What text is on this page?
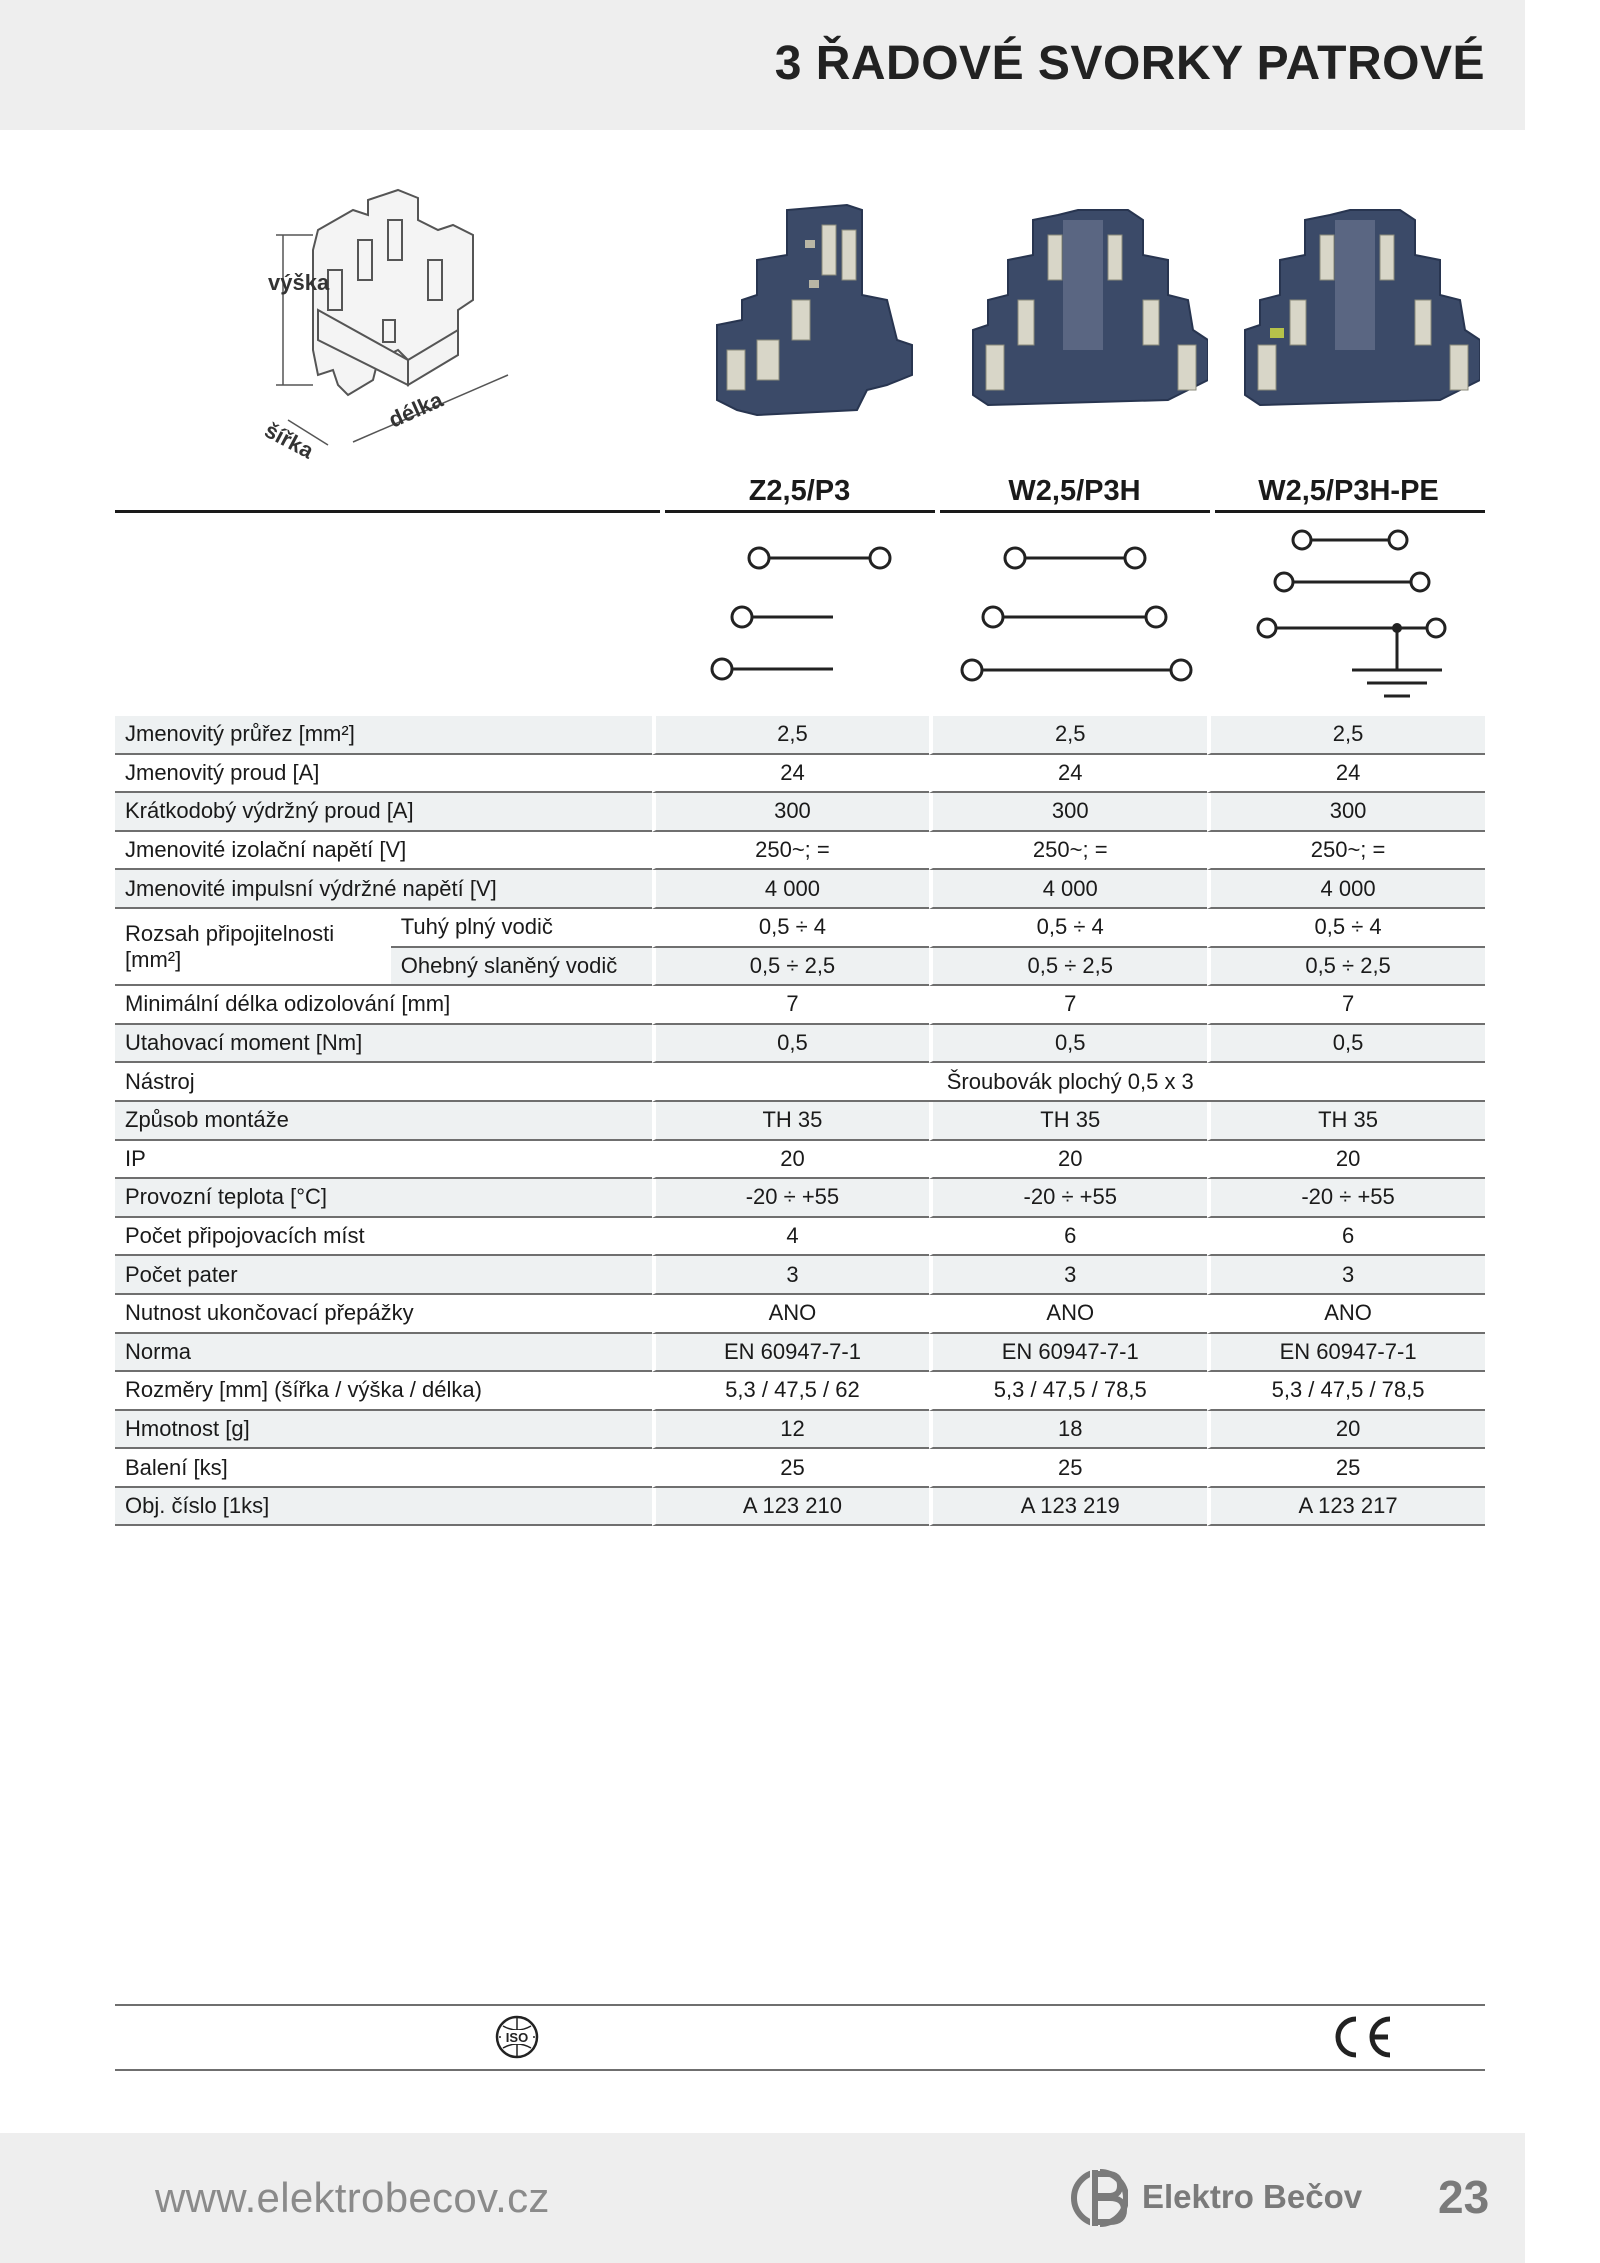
3 ŘADOVÉ SVORKY PATROVÉ
výška
šířka
délka
Z2,5/P3	W2,5/P3H	W2,5/P3H-PE
Jmenovitý průřez [mm²]		2,5	2,5	2,5
Jmenovitý proud [A]		24	24	24
Krátkodobý výdržný proud [A]		300	300	300
Jmenovité izolační napětí [V]		250~; =	250~; =	250~; =
Jmenovité impulsní výdržné napětí [V]		4 000	4 000	4 000
Rozsah připojitelnosti [mm²]	Tuhý plný vodič	0,5 ÷ 4	0,5 ÷ 4	0,5 ÷ 4
	Ohebný slaněný vodič	0,5 ÷ 2,5	0,5 ÷ 2,5	0,5 ÷ 2,5
Minimální délka odizolování [mm]		7	7	7
Utahovací moment [Nm]		0,5	0,5	0,5
Nástroj		Šroubovák plochý 0,5 x 3		
Způsob montáže		TH 35	TH 35	TH 35
IP		20	20	20
Provozní teplota [°C]		-20 ÷ +55	-20 ÷ +55	-20 ÷ +55
Počet připojovacích míst		4	6	6
Počet pater		3	3	3
Nutnost ukončovací přepážky		ANO	ANO	ANO
Norma		EN 60947-7-1	EN 60947-7-1	EN 60947-7-1
Rozměry [mm] (šířka / výška / délka)		5,3 / 47,5 / 62	5,3 / 47,5 / 78,5	5,3 / 47,5 / 78,5
Hmotnost [g]		12	18	20
Balení [ks]		25	25	25
Obj. číslo [1ks]		A 123 210	A 123 219	A 123 217
ISO
www.elektrobecov.cz	Elektro Bečov 23
